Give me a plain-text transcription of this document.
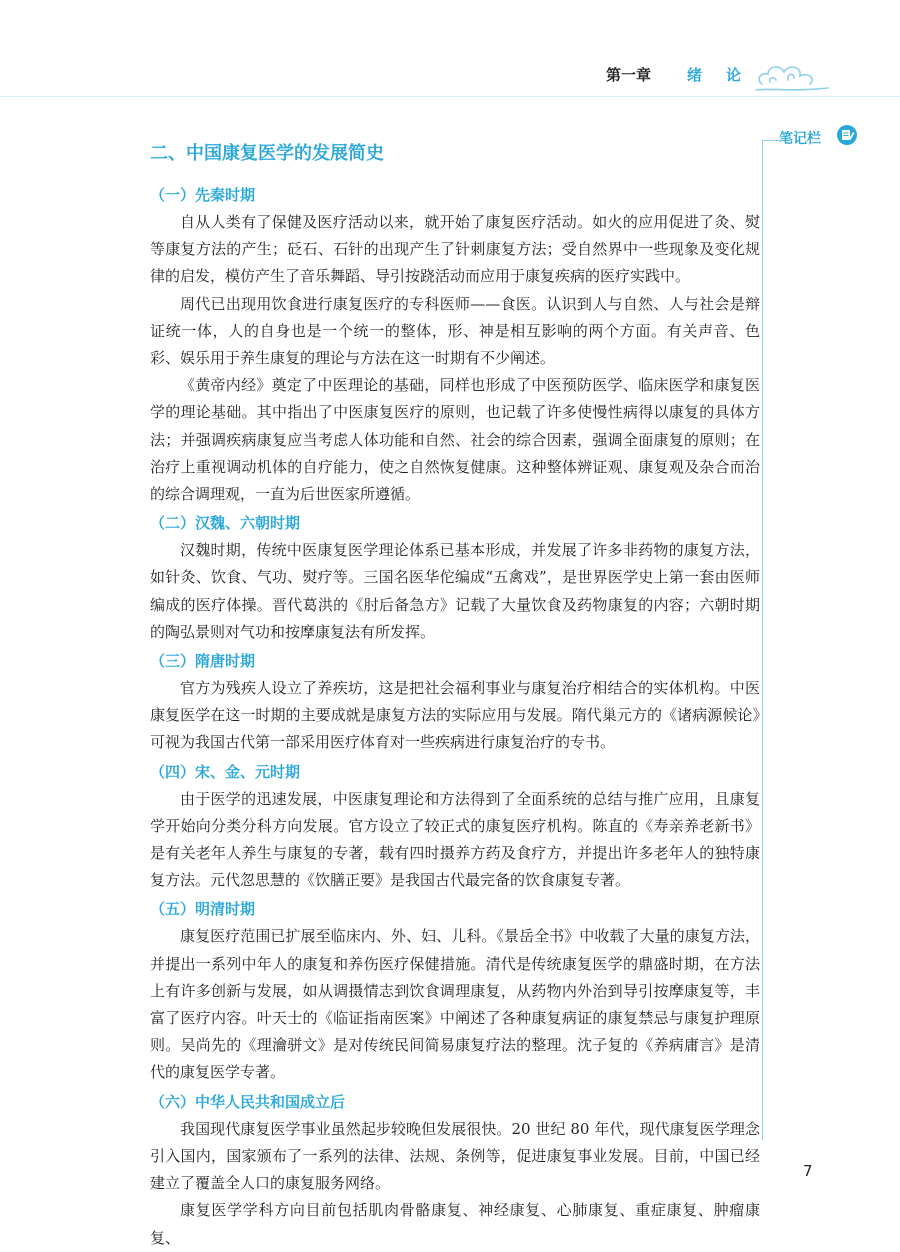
第一章 绪论
笔记栏
二、中国康复医学的发展简史
（一）先秦时期

自从人类有了保健及医疗活动以来，就开始了康复医疗活动。如火的应用促进了灸、熨等康复方法的产生；砭石、石针的出现产生了针刺康复方法；受自然界中一些现象及变化规律的启发，模仿产生了音乐舞蹈、导引按跷活动而应用于康复疾病的医疗实践中。

周代已出现用饮食进行康复医疗的专科医师——食医。认识到人与自然、人与社会是辩证统一体，人的自身也是一个统一的整体，形、神是相互影响的两个方面。有关声音、色彩、娱乐用于养生康复的理论与方法在这一时期有不少阐述。

《黄帝内经》奠定了中医理论的基础，同样也形成了中医预防医学、临床医学和康复医学的理论基础。其中指出了中医康复医疗的原则，也记载了许多使慢性病得以康复的具体方法；并强调疾病康复应当考虑人体功能和自然、社会的综合因素，强调全面康复的原则；在治疗上重视调动机体的自疗能力，使之自然恢复健康。这种整体辨证观、康复观及杂合而治的综合调理观，一直为后世医家所遵循。

（二）汉魏、六朝时期

汉魏时期，传统中医康复医学理论体系已基本形成，并发展了许多非药物的康复方法，如针灸、饮食、气功、熨疗等。三国名医华佗编成“五禽戏”，是世界医学史上第一套由医师编成的医疗体操。晋代葛洪的《肘后备急方》记载了大量饮食及药物康复的内容；六朝时期的陶弘景则对气功和按摩康复法有所发挥。

（三）隋唐时期

官方为残疾人设立了养疾坊，这是把社会福利事业与康复治疗相结合的实体机构。中医康复医学在这一时期的主要成就是康复方法的实际应用与发展。隋代巢元方的《诸病源候论》可视为我国古代第一部采用医疗体育对一些疾病进行康复治疗的专书。

（四）宋、金、元时期

由于医学的迅速发展，中医康复理论和方法得到了全面系统的总结与推广应用，且康复学开始向分类分科方向发展。官方设立了较正式的康复医疗机构。陈直的《寿亲养老新书》是有关老年人养生与康复的专著，载有四时摄养方药及食疗方，并提出许多老年人的独特康复方法。元代忽思慧的《饮膳正要》是我国古代最完备的饮食康复专著。

（五）明清时期

康复医疗范围已扩展至临床内、外、妇、儿科。《景岳全书》中收载了大量的康复方法，并提出一系列中年人的康复和养伤医疗保健措施。清代是传统康复医学的鼎盛时期，在方法上有许多创新与发展，如从调摄情志到饮食调理康复，从药物内外治到导引按摩康复等，丰富了医疗内容。叶天士的《临证指南医案》中阐述了各种康复病证的康复禁忌与康复护理原则。吴尚先的《理瀹骈文》是对传统民间简易康复疗法的整理。沈子复的《养病庸言》是清代的康复医学专著。

（六）中华人民共和国成立后

我国现代康复医学事业虽然起步较晚但发展很快。20 世纪 80 年代，现代康复医学理念引入国内，国家颁布了一系列的法律、法规、条例等，促进康复事业发展。目前，中国已经建立了覆盖全人口的康复服务网络。

康复医学学科方向目前包括肌肉骨骼康复、神经康复、心肺康复、重症康复、肿瘤康复、

7
